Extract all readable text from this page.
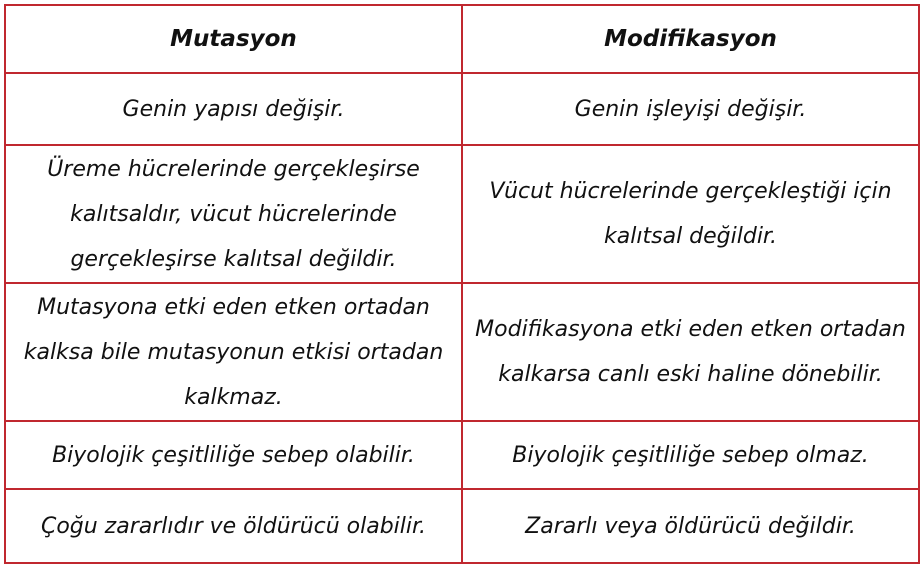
Mutasyon	Modifikasyon
Genin yapısı değişir.	Genin işleyişi değişir.
Üreme hücrelerinde gerçekleşirse kalıtsaldır, vücut hücrelerinde gerçekleşirse kalıtsal değildir.	Vücut hücrelerinde gerçekleştiği için kalıtsal değildir.
Mutasyona etki eden etken ortadan kalksa bile mutasyonun etkisi ortadan kalkmaz.	Modifikasyona etki eden etken ortadan kalkarsa canlı eski haline dönebilir.
Biyolojik çeşitliliğe sebep olabilir.	Biyolojik çeşitliliğe sebep olmaz.
Çoğu zararlıdır ve öldürücü olabilir.	Zararlı veya öldürücü değildir.
